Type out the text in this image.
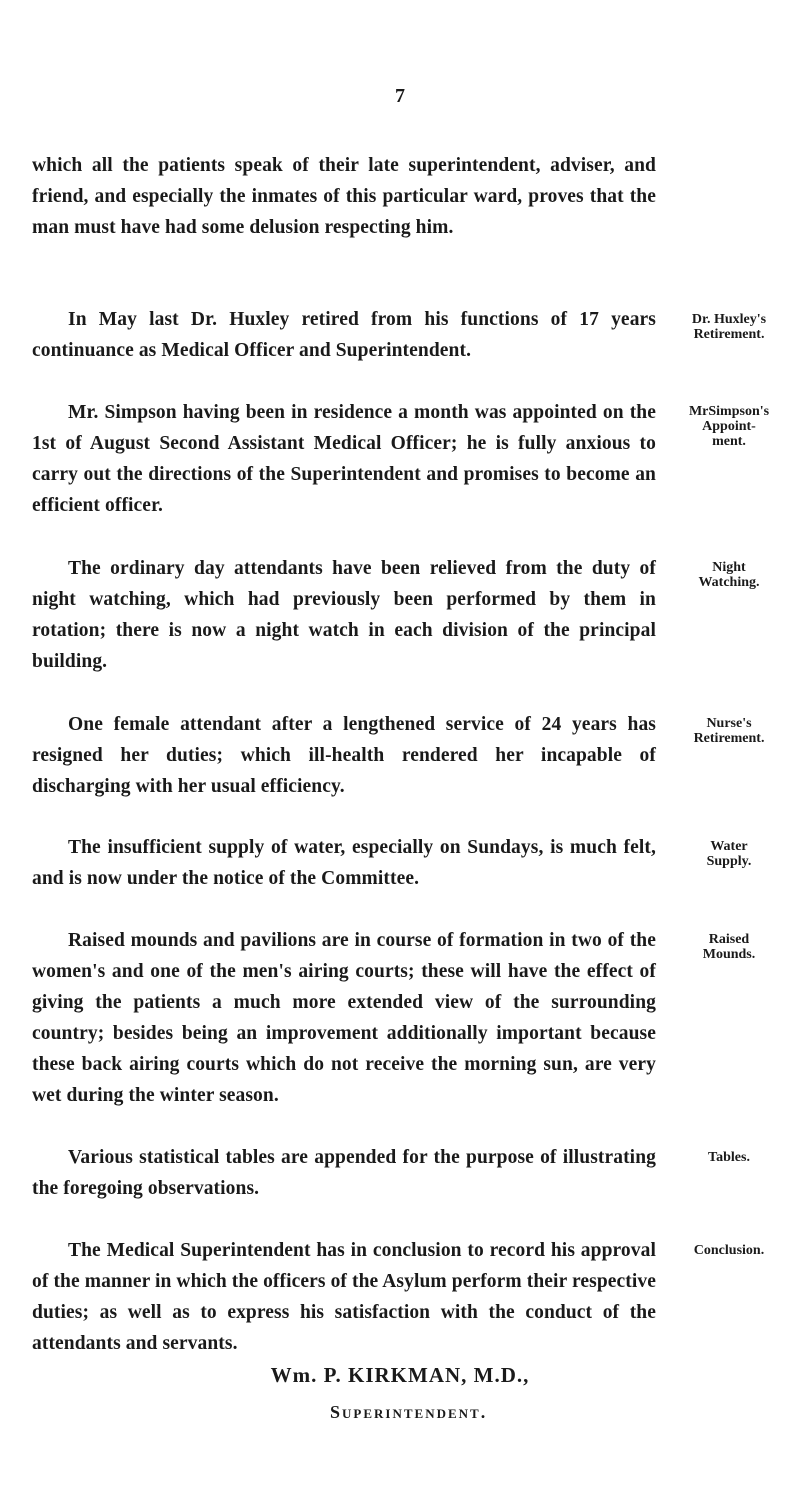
7
which all the patients speak of their late superintendent, adviser, and friend, and especially the inmates of this particular ward, proves that the man must have had some delusion respecting him.
In May last Dr. Huxley retired from his functions of 17 years continuance as Medical Officer and Superintendent.
Mr. Simpson having been in residence a month was appointed on the 1st of August Second Assistant Medical Officer; he is fully anxious to carry out the directions of the Superintendent and promises to become an efficient officer.
The ordinary day attendants have been relieved from the duty of night watching, which had previously been performed by them in rotation; there is now a night watch in each division of the principal building.
One female attendant after a lengthened service of 24 years has resigned her duties; which ill-health rendered her incapable of discharging with her usual efficiency.
The insufficient supply of water, especially on Sundays, is much felt, and is now under the notice of the Committee.
Raised mounds and pavilions are in course of formation in two of the women's and one of the men's airing courts; these will have the effect of giving the patients a much more extended view of the surrounding country; besides being an improvement additionally important because these back airing courts which do not receive the morning sun, are very wet during the winter season.
Various statistical tables are appended for the purpose of illustrating the foregoing observations.
The Medical Superintendent has in conclusion to record his approval of the manner in which the officers of the Asylum perform their respective duties; as well as to express his satisfaction with the conduct of the attendants and servants.
Dr. Huxley's
Retirement.
MrSimpson's
Appoint-
ment.
Night
Watching.
Nurse's
Retirement.
Water
Supply.
Raised
Mounds.
Tables.
Conclusion.
Wm. P. KIRKMAN, M.D.,
Superintendent.
